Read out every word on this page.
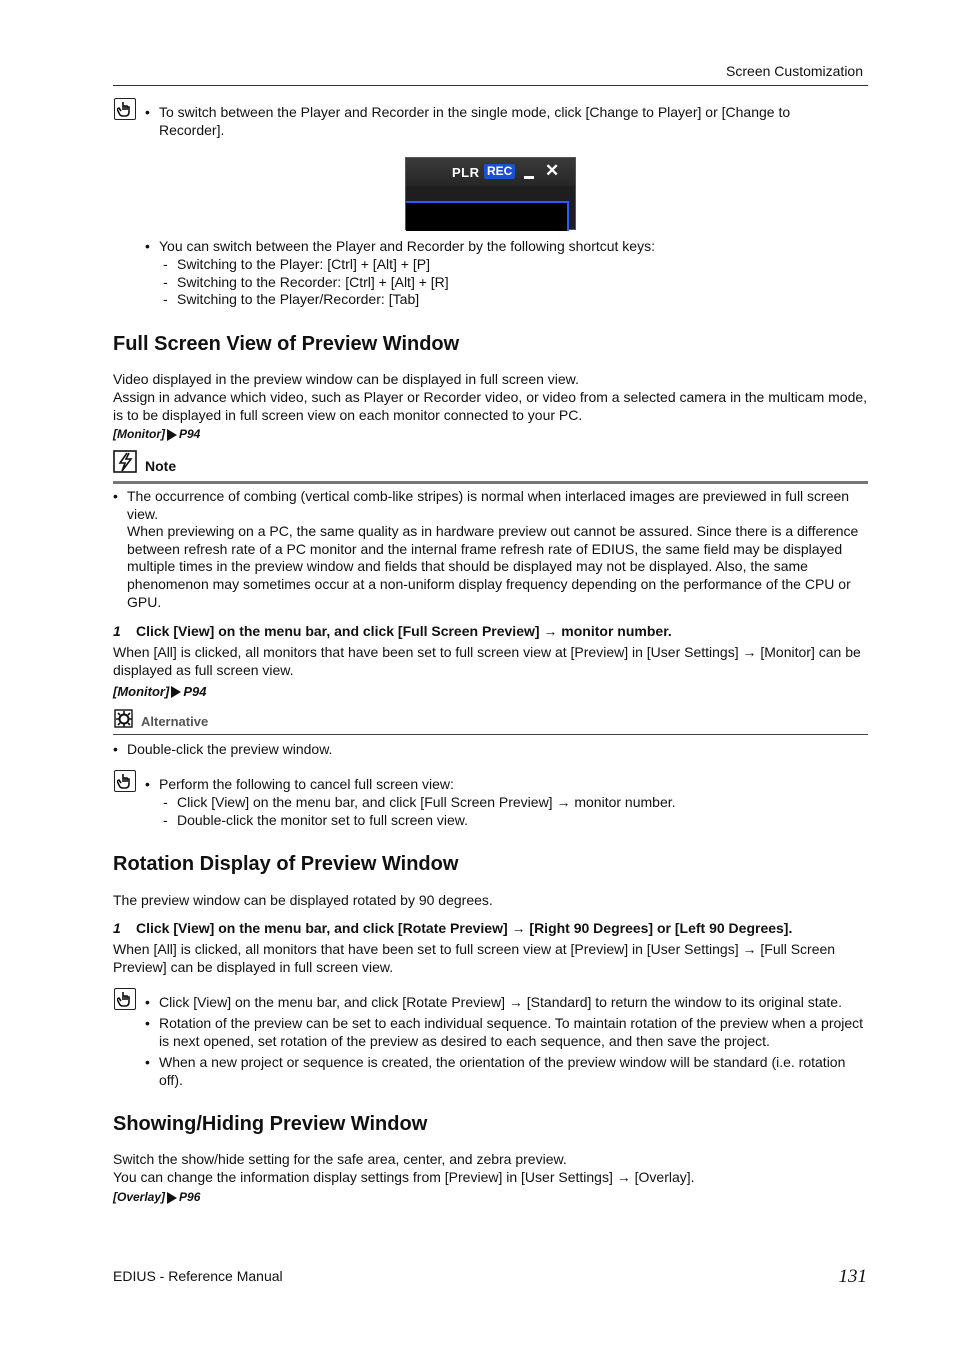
Screen Customization
• To switch between the Player and Recorder in the single mode, click [Change to Player] or [Change to Recorder].
PLR REC ✕
• You can switch between the Player and Recorder by the following shortcut keys:
- Switching to the Player: [Ctrl] + [Alt] + [P]
- Switching to the Recorder: [Ctrl] + [Alt] + [R]
- Switching to the Player/Recorder: [Tab]
Full Screen View of Preview Window
Video displayed in the preview window can be displayed in full screen view.
Assign in advance which video, such as Player or Recorder video, or video from a selected camera in the multicam mode, is to be displayed in full screen view on each monitor connected to your PC.
[Monitor] P94
Note
• The occurrence of combing (vertical comb-like stripes) is normal when interlaced images are previewed in full screen view.
When previewing on a PC, the same quality as in hardware preview out cannot be assured. Since there is a difference between refresh rate of a PC monitor and the internal frame refresh rate of EDIUS, the same field may be displayed multiple times in the preview window and fields that should be displayed may not be displayed. Also, the same phenomenon may sometimes occur at a non-uniform display frequency depending on the performance of the CPU or GPU.
1	Click [View] on the menu bar, and click [Full Screen Preview] → monitor number.
When [All] is clicked, all monitors that have been set to full screen view at [Preview] in [User Settings] → [Monitor] can be displayed as full screen view.
[Monitor] P94
Alternative
• Double-click the preview window.
• Perform the following to cancel full screen view:
- Click [View] on the menu bar, and click [Full Screen Preview] → monitor number.
- Double-click the monitor set to full screen view.
Rotation Display of Preview Window
The preview window can be displayed rotated by 90 degrees.
1	Click [View] on the menu bar, and click [Rotate Preview] → [Right 90 Degrees] or [Left 90 Degrees].
When [All] is clicked, all monitors that have been set to full screen view at [Preview] in [User Settings] → [Full Screen Preview] can be displayed in full screen view.
• Click [View] on the menu bar, and click [Rotate Preview] → [Standard] to return the window to its original state.
• Rotation of the preview can be set to each individual sequence. To maintain rotation of the preview when a project is next opened, set rotation of the preview as desired to each sequence, and then save the project.
• When a new project or sequence is created, the orientation of the preview window will be standard (i.e. rotation off).
Showing/Hiding Preview Window
Switch the show/hide setting for the safe area, center, and zebra preview.
You can change the information display settings from [Preview] in [User Settings] → [Overlay].
[Overlay] P96
EDIUS - Reference Manual	131
